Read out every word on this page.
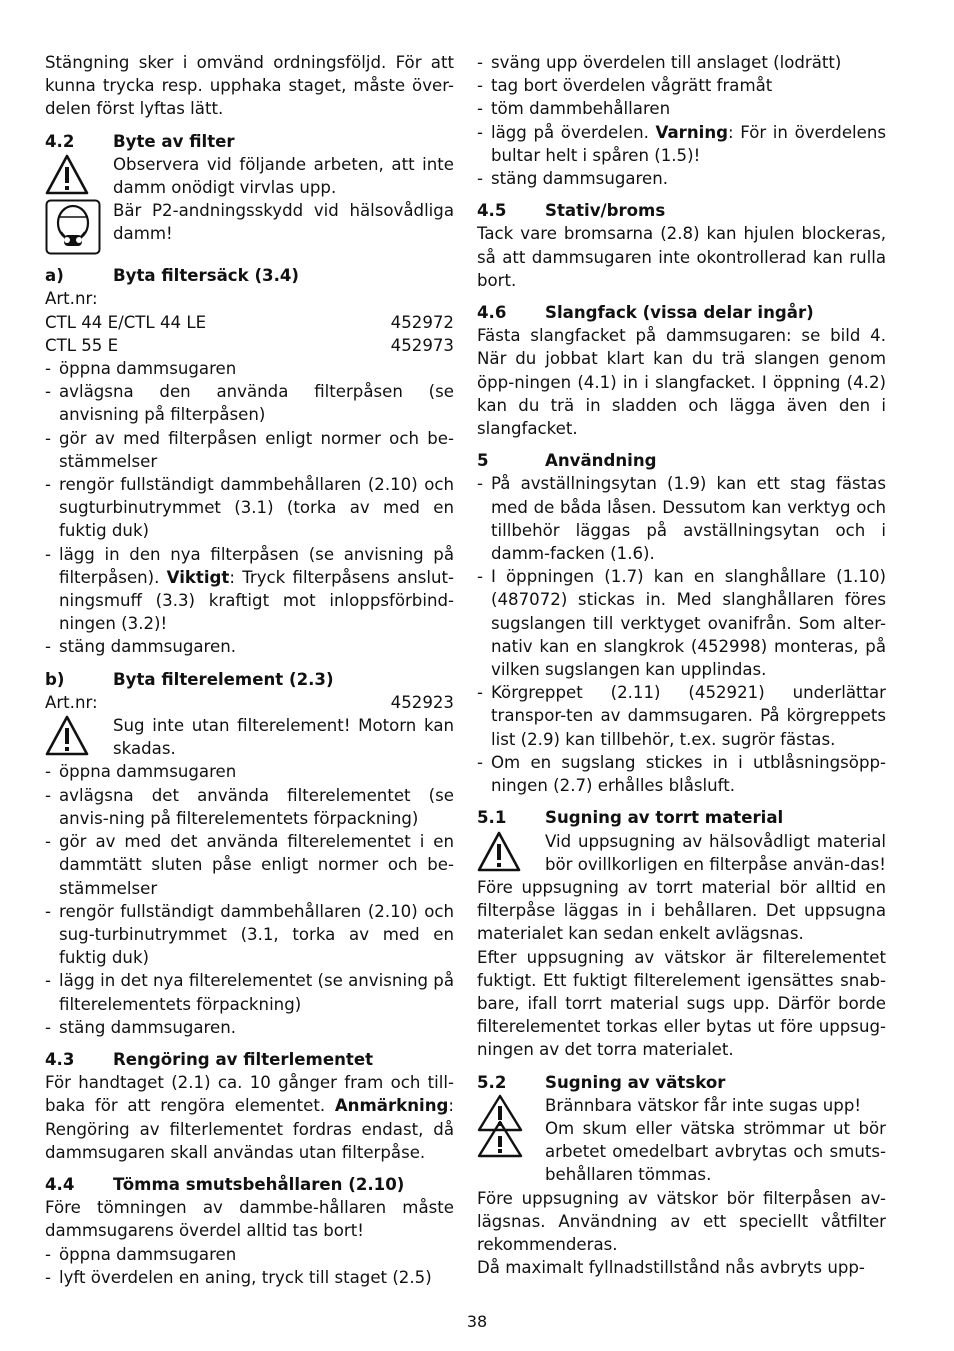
Stängning sker i omvänd ordningsföljd. För att kunna trycka resp. upphaka staget, måste över-delen först lyftas lätt.

4.2	Byte av filter

Observera vid följande arbeten, att inte damm onödigt virvlas upp.

Bär P2-andningsskydd vid hälsovådliga damm!

a)	Byta filtersäck (3.4)

Art.nr:

CTL 44 E/CTL 44 LE	452972
CTL 55 E	452973
- öppna dammsugaren
- avlägsna den använda filterpåsen (se anvisning på filterpåsen)
- gör av med filterpåsen enligt normer och be-stämmelser
- rengör fullständigt dammbehållaren (2.10) och sugturbinutrymmet (3.1) (torka av med en fuktig duk)
- lägg in den nya filterpåsen (se anvisning på filterpåsen). Viktigt: Tryck filterpåsens anslut-ningsmuff (3.3) kraftigt mot inloppsförbind-ningen (3.2)!
- stäng dammsugaren.
b)	Byta filterelement (2.3)
Art.nr:	452923

Sug inte utan filterelement! Motorn kan skadas.

- öppna dammsugaren
- avlägsna det använda filterelementet (se anvis-ning på filterelementets förpackning)
- gör av med det använda filterelementet i en dammtätt sluten påse enligt normer och be-stämmelser
- rengör fullständigt dammbehållaren (2.10) och sug-turbinutrymmet (3.1, torka av med en fuktig duk)
- lägg in det nya filterelementet (se anvisning på filterelementets förpackning)
- stäng dammsugaren.
4.3	Rengöring av filterlementet

För handtaget (2.1) ca. 10 gånger fram och till-baka för att rengöra elementet. Anmärkning: Rengöring av filterlementet fordras endast, då dammsugaren skall användas utan filterpåse.

4.4	Tömma smutsbehållaren (2.10)

Före tömningen av dammbe-hållaren måste dammsugarens överdel alltid tas bort!

- öppna dammsugaren
- lyft överdelen en aning, tryck till staget (2.5)
- sväng upp överdelen till anslaget (lodrätt)
- tag bort överdelen vågrätt framåt
- töm dammbehållaren
- lägg på överdelen. Varning: För in överdelens bultar helt i spåren (1.5)!
- stäng dammsugaren.
4.5	Stativ/broms

Tack vare bromsarna (2.8) kan hjulen blockeras, så att dammsugaren inte okontrollerad kan rulla bort.

4.6	Slangfack (vissa delar ingår)

Fästa slangfacket på dammsugaren: se bild 4. När du jobbat klart kan du trä slangen genom öpp-ningen (4.1) in i slangfacket. I öppning (4.2) kan du trä in sladden och lägga även den i slangfacket.

5	Användning
- På avställningsytan (1.9) kan ett stag fästas med de båda låsen. Dessutom kan verktyg och tillbehör läggas på avställningsytan och i damm-facken (1.6).
- I öppningen (1.7) kan en slanghållare (1.10) (487072) stickas in. Med slanghållaren föres sugslangen till verktyget ovanifrån. Som alter-nativ kan en slangkrok (452998) monteras, på vilken sugslangen kan upplindas.
- Körgreppet (2.11) (452921) underlättar transpor-ten av dammsugaren. På körgreppets list (2.9) kan tillbehör, t.ex. sugrör fästas.
- Om en sugslang stickes in i utblåsningsöpp-ningen (2.7) erhålles blåsluft.
5.1	Sugning av torrt material

Vid uppsugning av hälsovådligt material bör ovillkorligen en filterpåse använ-das!

Före uppsugning av torrt material bör alltid en filterpåse läggas in i behållaren. Det uppsugna materialet kan sedan enkelt avlägsnas.

Efter uppsugning av vätskor är filterelementet fuktigt. Ett fuktigt filterelement igensättes snab-bare, ifall torrt material sugs upp. Därför borde filterelementet torkas eller bytas ut före uppsug-ningen av det torra materialet.

5.2	Sugning av vätskor

Brännbara vätskor får inte sugas upp!

Om skum eller vätska strömmar ut bör arbetet omedelbart avbrytas och smuts-behållaren tömmas.

Före uppsugning av vätskor bör filterpåsen av-lägsnas. Användning av ett speciellt våtfilter rekommenderas.

Då maximalt fyllnadstillstånd nås avbryts upp-

38
